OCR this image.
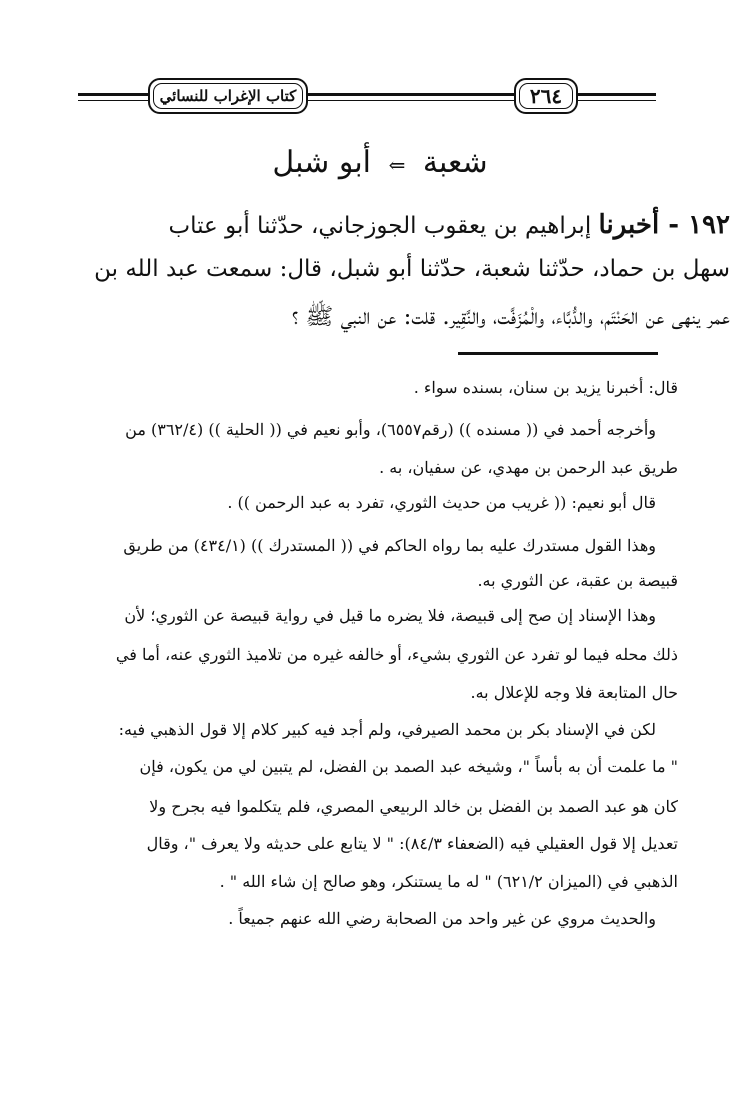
كتاب الإغراب للنسائي	٢٦٤
شعبة ⇐ أبو شبل
١٩٢ - أخبرنا إبراهيم بن يعقوب الجوزجاني، حدّثنا أبو عتاب
سهل بن حماد، حدّثنا شعبة، حدّثنا أبو شبل، قال: سمعت عبد الله بن
عمر ينهى عن الحَنْتَم، والدُّبَّاء، والْمُزَفَّت، والنَّقِير. قلت: عن النبي ﷺ ؟
قال: أخبرنا يزيد بن سنان، بسنده سواء .
وأخرجه أحمد في (( مسنده )) (رقم٦٥٥٧)، وأبو نعيم في (( الحلية )) (٣٦٢/٤) من
طريق عبد الرحمن بن مهدي، عن سفيان، به .
قال أبو نعيم: (( غريب من حديث الثوري، تفرد به عبد الرحمن )) .
وهذا القول مستدرك عليه بما رواه الحاكم في (( المستدرك )) (٤٣٤/١) من طريق
قبيصة بن عقبة، عن الثوري به.
وهذا الإسناد إن صح إلى قبيصة، فلا يضره ما قيل في رواية قبيصة عن الثوري؛ لأن
ذلك محله فيما لو تفرد عن الثوري بشيء، أو خالفه غيره من تلاميذ الثوري عنه، أما في
حال المتابعة فلا وجه للإعلال به.
لكن في الإسناد بكر بن محمد الصيرفي، ولم أجد فيه كبير كلام إلا قول الذهبي فيه:
" ما علمت أن به بأساً "، وشيخه عبد الصمد بن الفضل، لم يتبين لي من يكون، فإن
كان هو عبد الصمد بن الفضل بن خالد الربيعي المصري، فلم يتكلموا فيه بجرح ولا
تعديل إلا قول العقيلي فيه (الضعفاء ٨٤/٣): " لا يتابع على حديثه ولا يعرف "، وقال
الذهبي في (الميزان ٦٢١/٢) " له ما يستنكر، وهو صالح إن شاء الله " .
والحديث مروي عن غير واحد من الصحابة رضي الله عنهم جميعاً .
